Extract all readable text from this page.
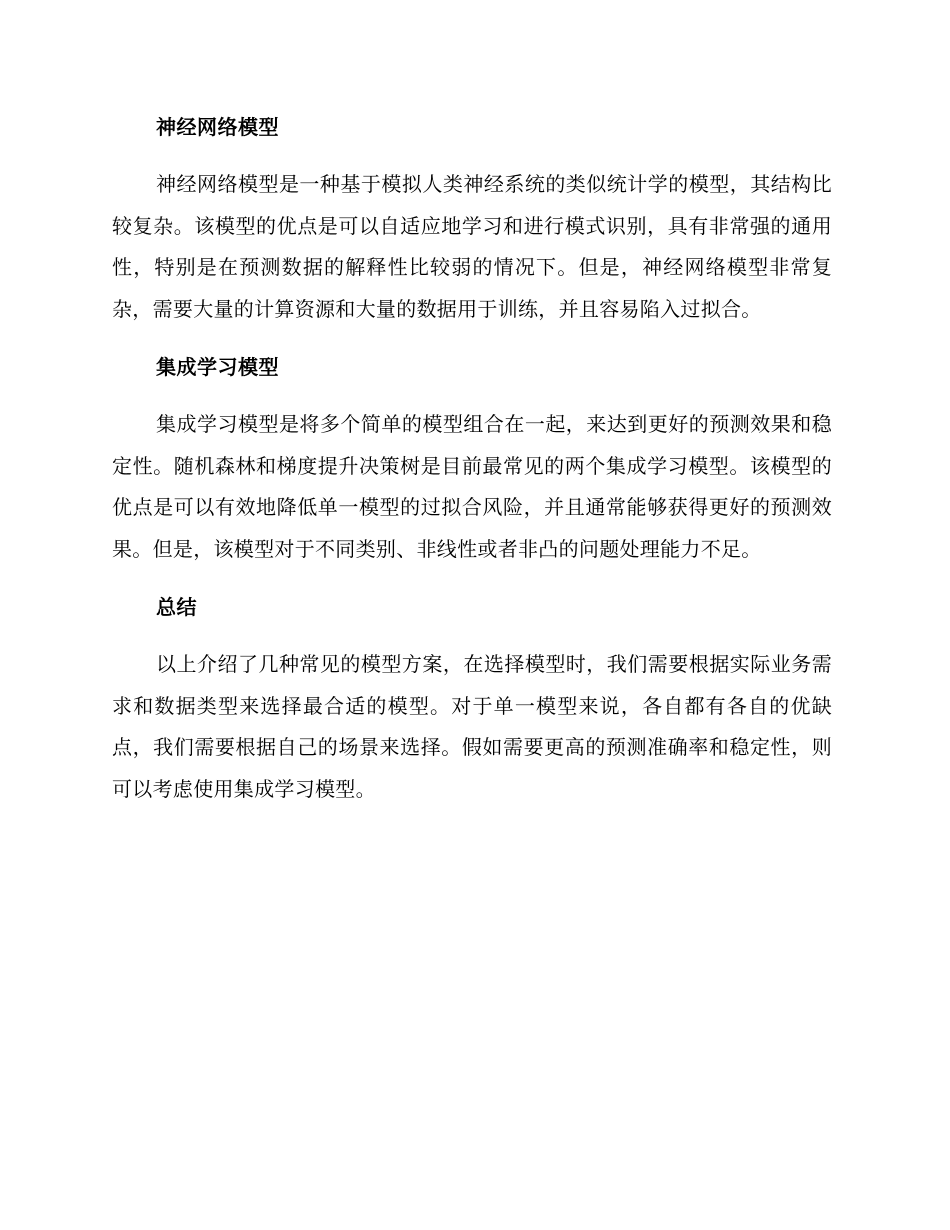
神经网络模型

神经网络模型是一种基于模拟人类神经系统的类似统计学的模型，其结构比较复杂。该模型的优点是可以自适应地学习和进行模式识别，具有非常强的通用性，特别是在预测数据的解释性比较弱的情况下。但是，神经网络模型非常复杂，需要大量的计算资源和大量的数据用于训练，并且容易陷入过拟合。

集成学习模型

集成学习模型是将多个简单的模型组合在一起，来达到更好的预测效果和稳定性。随机森林和梯度提升决策树是目前最常见的两个集成学习模型。该模型的优点是可以有效地降低单一模型的过拟合风险，并且通常能够获得更好的预测效果。但是，该模型对于不同类别、非线性或者非凸的问题处理能力不足。

总结

以上介绍了几种常见的模型方案，在选择模型时，我们需要根据实际业务需求和数据类型来选择最合适的模型。对于单一模型来说，各自都有各自的优缺点，我们需要根据自己的场景来选择。假如需要更高的预测准确率和稳定性，则可以考虑使用集成学习模型。
